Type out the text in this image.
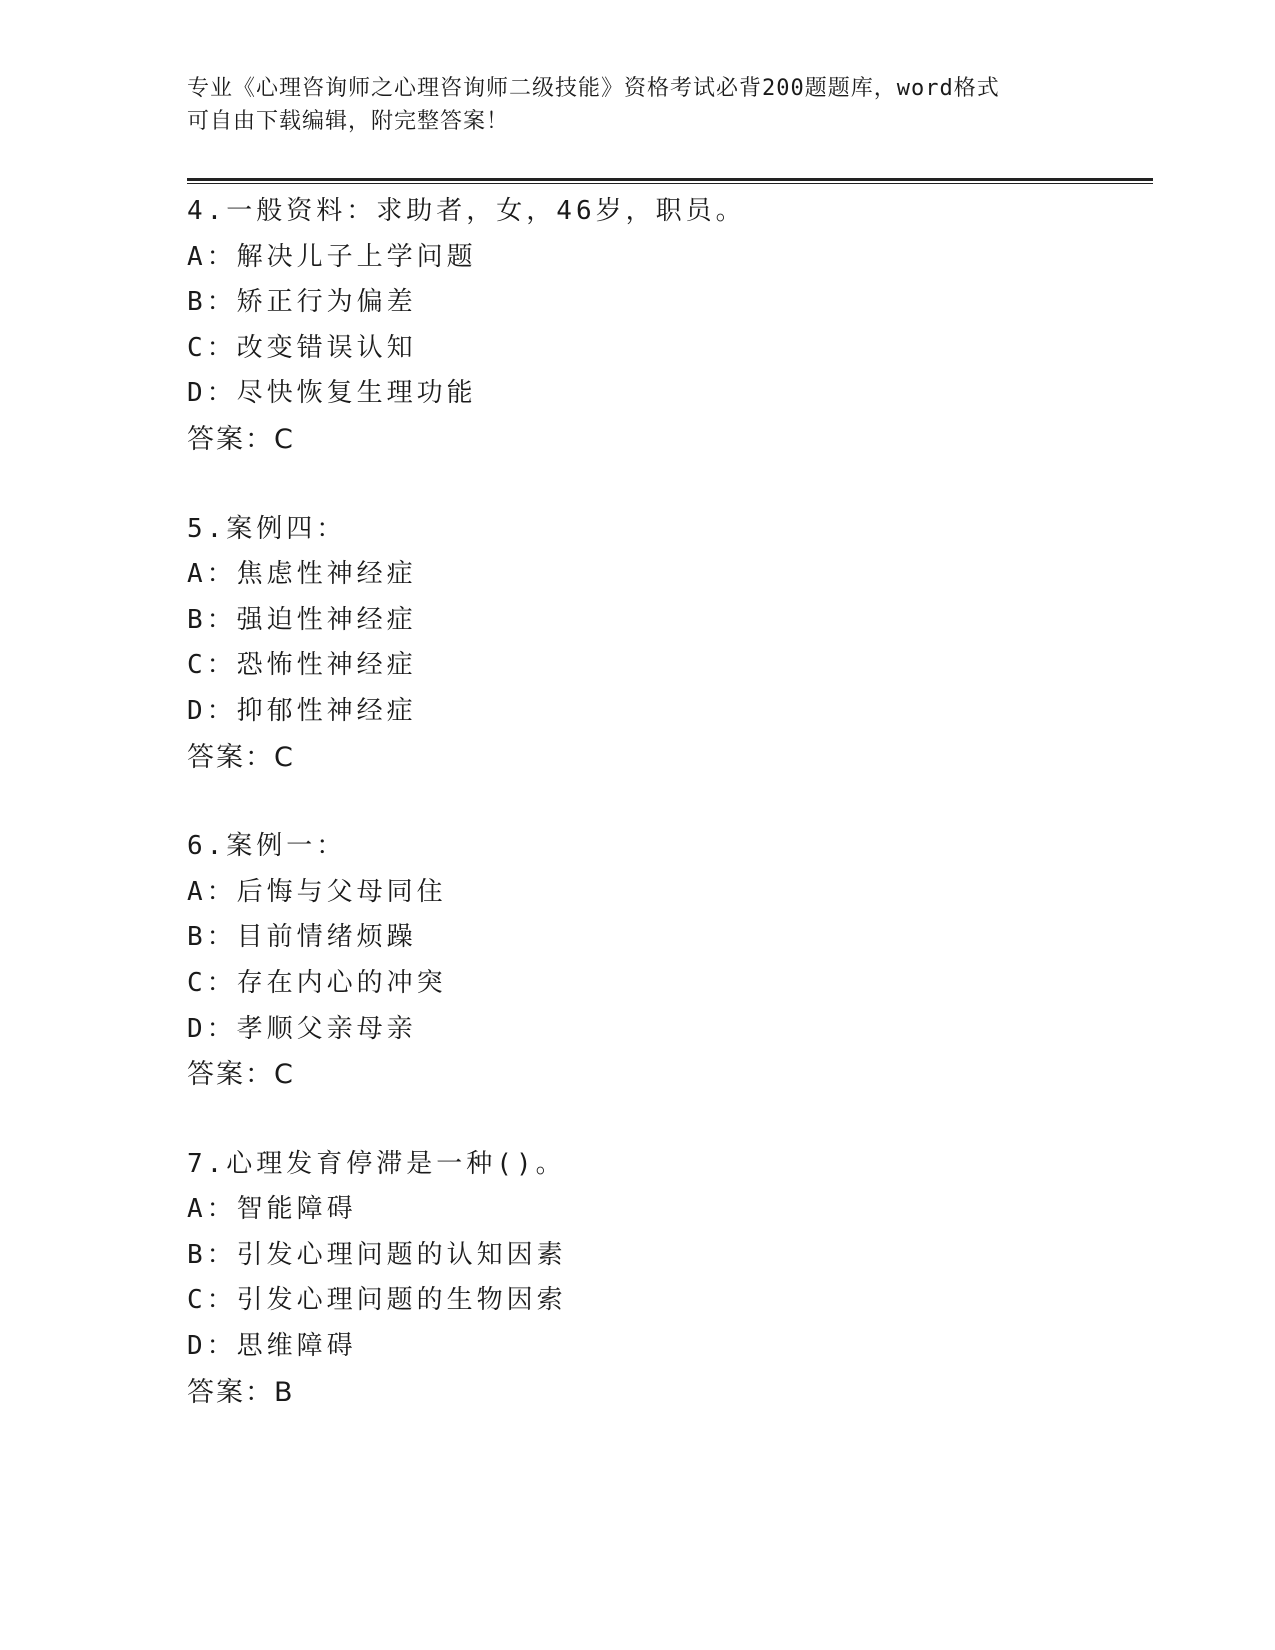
专业《心理咨询师之心理咨询师二级技能》资格考试必背200题题库，word格式
可自由下载编辑，附完整答案！
4.一般资料：求助者，女，46岁，职员。
A：解决儿子上学问题
B：矫正行为偏差
C：改变错误认知
D：尽快恢复生理功能
答案：C
5.案例四：
A：焦虑性神经症
B：强迫性神经症
C：恐怖性神经症
D：抑郁性神经症
答案：C
6.案例一：
A：后悔与父母同住
B：目前情绪烦躁
C：存在内心的冲突
D：孝顺父亲母亲
答案：C
7.心理发育停滞是一种()。
A：智能障碍
B：引发心理问题的认知因素
C：引发心理问题的生物因索
D：思维障碍
答案：B
